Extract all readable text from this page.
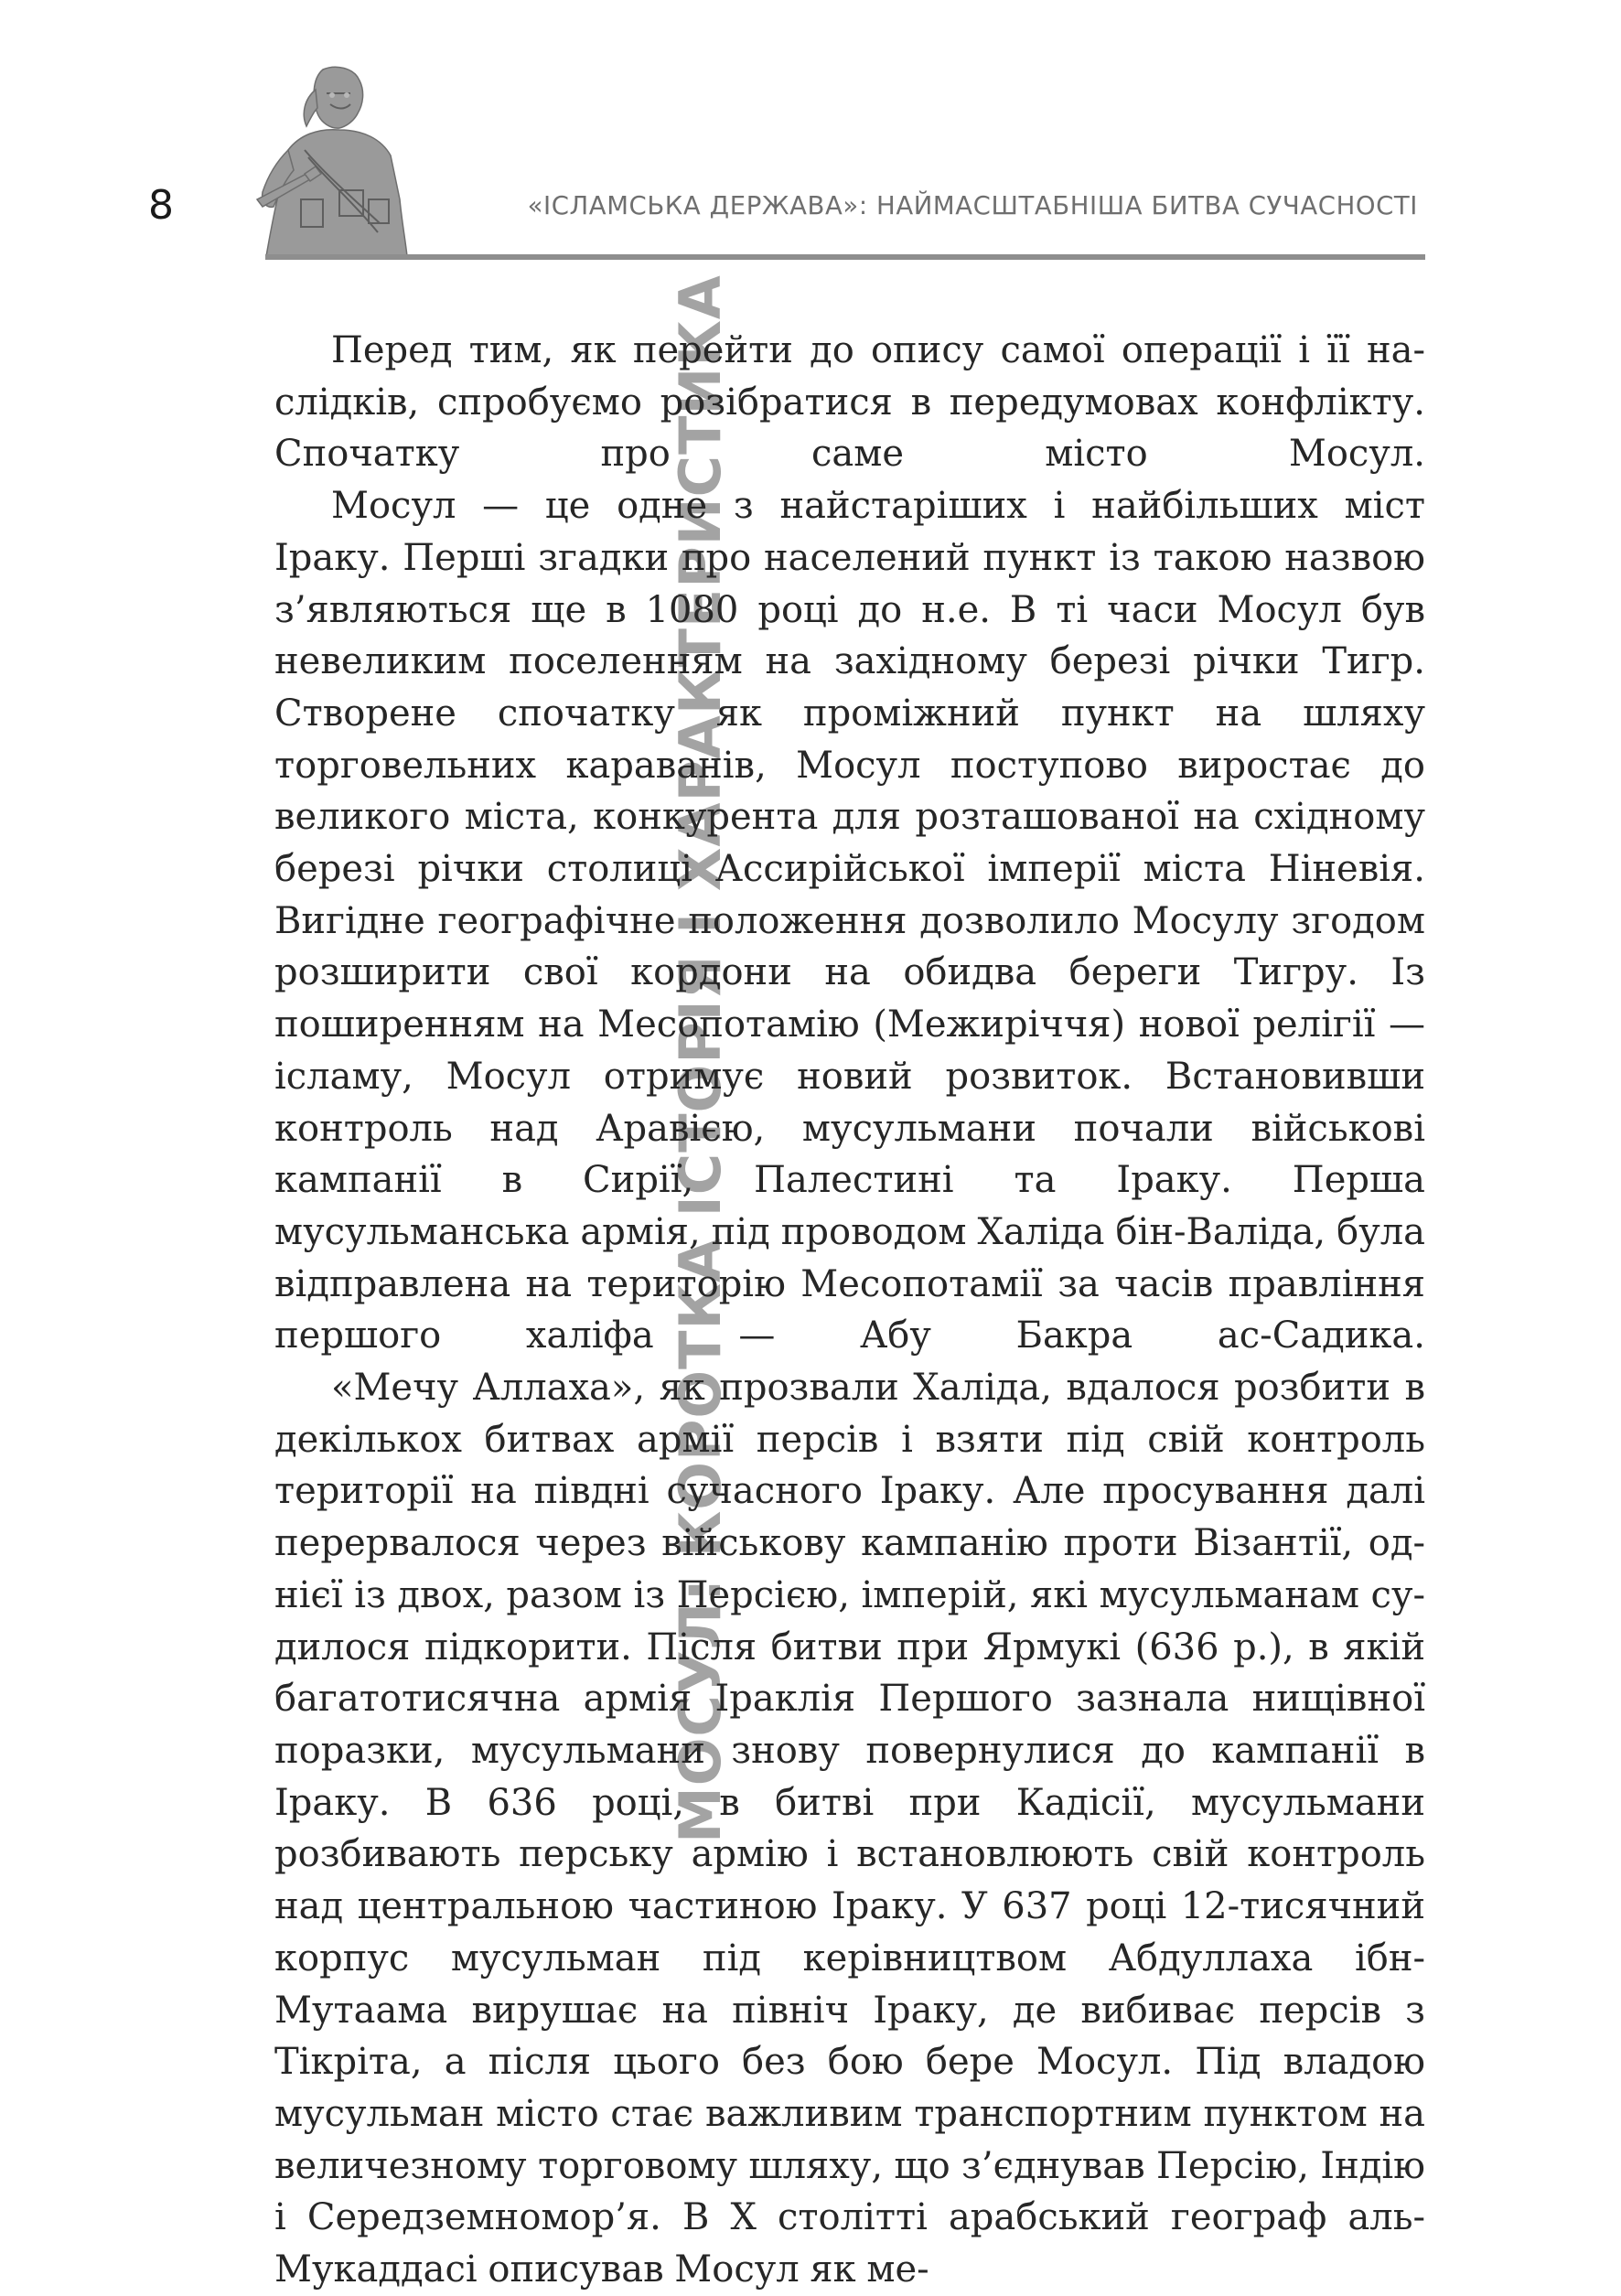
8	«ІСЛАМСЬКА ДЕРЖАВА»: НАЙМАСШТАБНІША БИТВА СУЧАСНОСТІ
МОСУЛ: КОРОТКА ІСТОРІЯ І ХАРАКТЕРИСТИКА

Перед тим, як перейти до опису самої операції і її наслідків, спробуємо розібратися в передумовах конфлікту. Спочатку про саме місто Мосул.

Мосул — це одне з найстаріших і найбільших міст Іраку. Перші згадки про населений пункт із такою назвою з’являються ще в 1080 році до н.е. В ті часи Мосул був невеликим поселенням на західному березі річки Тигр. Створене спочатку як проміжний пункт на шляху торговельних караванів, Мосул поступово виростає до великого міста, конкурента для розташованої на східному березі річки столиці Ассирійської імперії міста Ніневія. Вигідне географічне положення дозволило Мосулу згодом розширити свої кордони на обидва береги Тигру. Із поширенням на Месопотамію (Межиріччя) нової релігії — ісламу, Мосул отримує новий розвиток. Встановивши контроль над Аравією, мусульмани почали військові кампанії в Сирії, Палестині та Іраку. Перша мусульманська армія, під проводом Халіда бін-Валіда, була відправлена на територію Месопотамії за часів правління першого халіфа — Абу Бакра ас-Садика.

«Мечу Аллаха», як прозвали Халіда, вдалося розбити в декількох битвах армії персів і взяти під свій контроль території на півдні сучасного Іраку. Але просування далі перервалося через військову кампанію проти Візантії, однієї із двох, разом із Персією, імперій, які мусульманам судилося підкорити. Після битви при Ярмукі (636 р.), в якій багатотисячна армія Іраклія Першого зазнала нищівної поразки, мусульмани знову повернулися до кампанії в Іраку. В 636 році, в битві при Кадісії, мусульмани розбивають перську армію і встановлюють свій контроль над центральною частиною Іраку. У 637 році 12-тисячний корпус мусульман під керівництвом Абдуллаха ібн-Мутаама вирушає на північ Іраку, де вибиває персів з Тікріта, а після цього без бою бере Мосул. Під владою мусульман місто стає важливим транспортним пунктом на величезному торговому шляху, що з’єднував Персію, Індію і Середземномор’я. В Х столітті арабський географ аль-Мукаддасі описував Мосул як ме-
